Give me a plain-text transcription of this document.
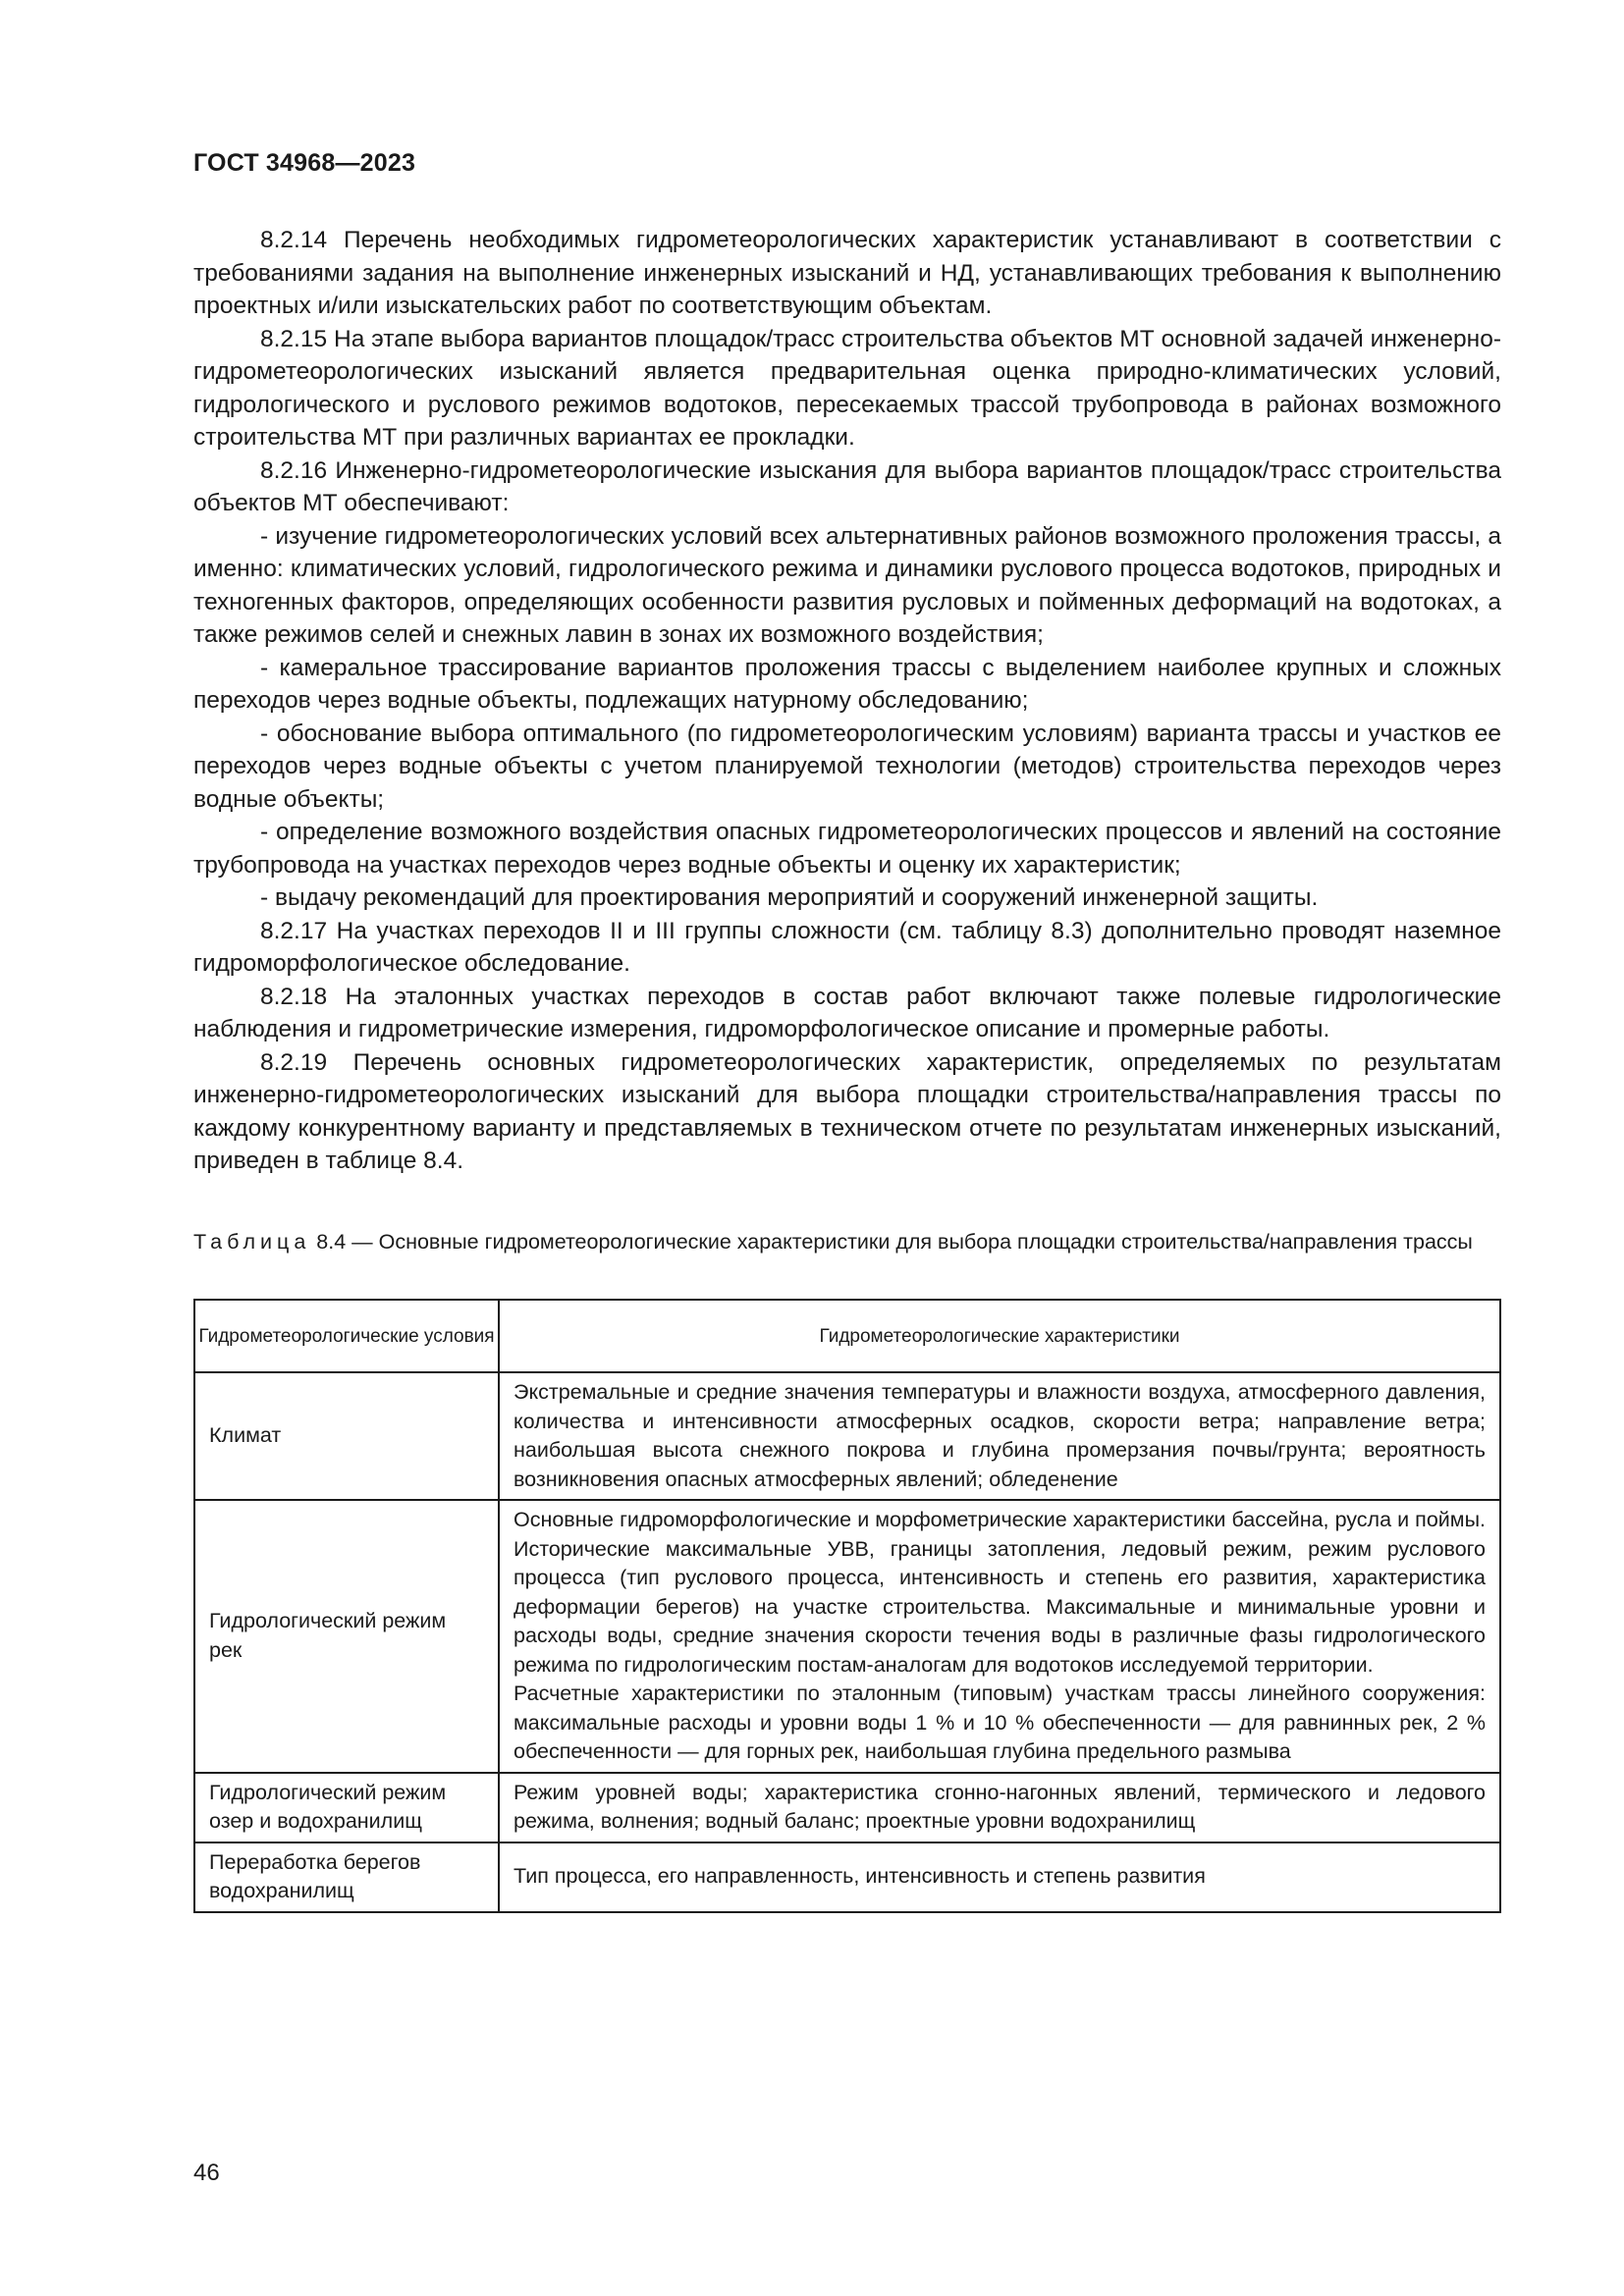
ГОСТ 34968—2023

8.2.14 Перечень необходимых гидрометеорологических характеристик устанавливают в соответствии с требованиями задания на выполнение инженерных изысканий и НД, устанавливающих требования к выполнению проектных и/или изыскательских работ по соответствующим объектам.

8.2.15 На этапе выбора вариантов площадок/трасс строительства объектов МТ основной задачей инженерно-гидрометеорологических изысканий является предварительная оценка природно-климатических условий, гидрологического и руслового режимов водотоков, пересекаемых трассой трубопровода в районах возможного строительства МТ при различных вариантах ее прокладки.

8.2.16 Инженерно-гидрометеорологические изыскания для выбора вариантов площадок/трасс строительства объектов МТ обеспечивают:

- изучение гидрометеорологических условий всех альтернативных районов возможного проложения трассы, а именно: климатических условий, гидрологического режима и динамики руслового процесса водотоков, природных и техногенных факторов, определяющих особенности развития русловых и пойменных деформаций на водотоках, а также режимов селей и снежных лавин в зонах их возможного воздействия;

- камеральное трассирование вариантов проложения трассы с выделением наиболее крупных и сложных переходов через водные объекты, подлежащих натурному обследованию;

- обоснование выбора оптимального (по гидрометеорологическим условиям) варианта трассы и участков ее переходов через водные объекты с учетом планируемой технологии (методов) строительства переходов через водные объекты;

- определение возможного воздействия опасных гидрометеорологических процессов и явлений на состояние трубопровода на участках переходов через водные объекты и оценку их характеристик;

- выдачу рекомендаций для проектирования мероприятий и сооружений инженерной защиты.

8.2.17 На участках переходов II и III группы сложности (см. таблицу 8.3) дополнительно проводят наземное гидроморфологическое обследование.

8.2.18 На эталонных участках переходов в состав работ включают также полевые гидрологические наблюдения и гидрометрические измерения, гидроморфологическое описание и промерные работы.

8.2.19 Перечень основных гидрометеорологических характеристик, определяемых по результатам инженерно-гидрометеорологических изысканий для выбора площадки строительства/направления трассы по каждому конкурентному варианту и представляемых в техническом отчете по результатам инженерных изысканий, приведен в таблице 8.4.

Таблица 8.4 — Основные гидрометеорологические характеристики для выбора площадки строительства/направления трассы
Гидрометеорологические условия	Гидрометеорологические характеристики
Климат	Экстремальные и средние значения температуры и влажности воздуха, атмосферного давления, количества и интенсивности атмосферных осадков, скорости ветра; направление ветра; наибольшая высота снежного покрова и глубина промерзания почвы/грунта; вероятность возникновения опасных атмосферных явлений; обледенение

Гидрологический режим рек	Основные гидроморфологические и морфометрические характеристики бассейна, русла и поймы. Исторические максимальные УВВ, границы затопления, ледовый режим, режим руслового процесса (тип руслового процесса, интенсивность и степень его развития, характеристика деформации берегов) на участке строительства. Максимальные и минимальные уровни и расходы воды, средние значения скорости течения воды в различные фазы гидрологического режима по гидрологическим постам-аналогам для водотоков исследуемой территории.
Расчетные характеристики по эталонным (типовым) участкам трассы линейного сооружения: максимальные расходы и уровни воды 1 % и 10 % обеспеченности — для равнинных рек, 2 % обеспеченности — для горных рек, наибольшая глубина предельного размыва

Гидрологический режим озер и водохранилищ	Режим уровней воды; характеристика сгонно-нагонных явлений, термического и ледового режима, волнения; водный баланс; проектные уровни водохранилищ

Переработка берегов водохранилищ	Тип процесса, его направленность, интенсивность и степень развития
46
